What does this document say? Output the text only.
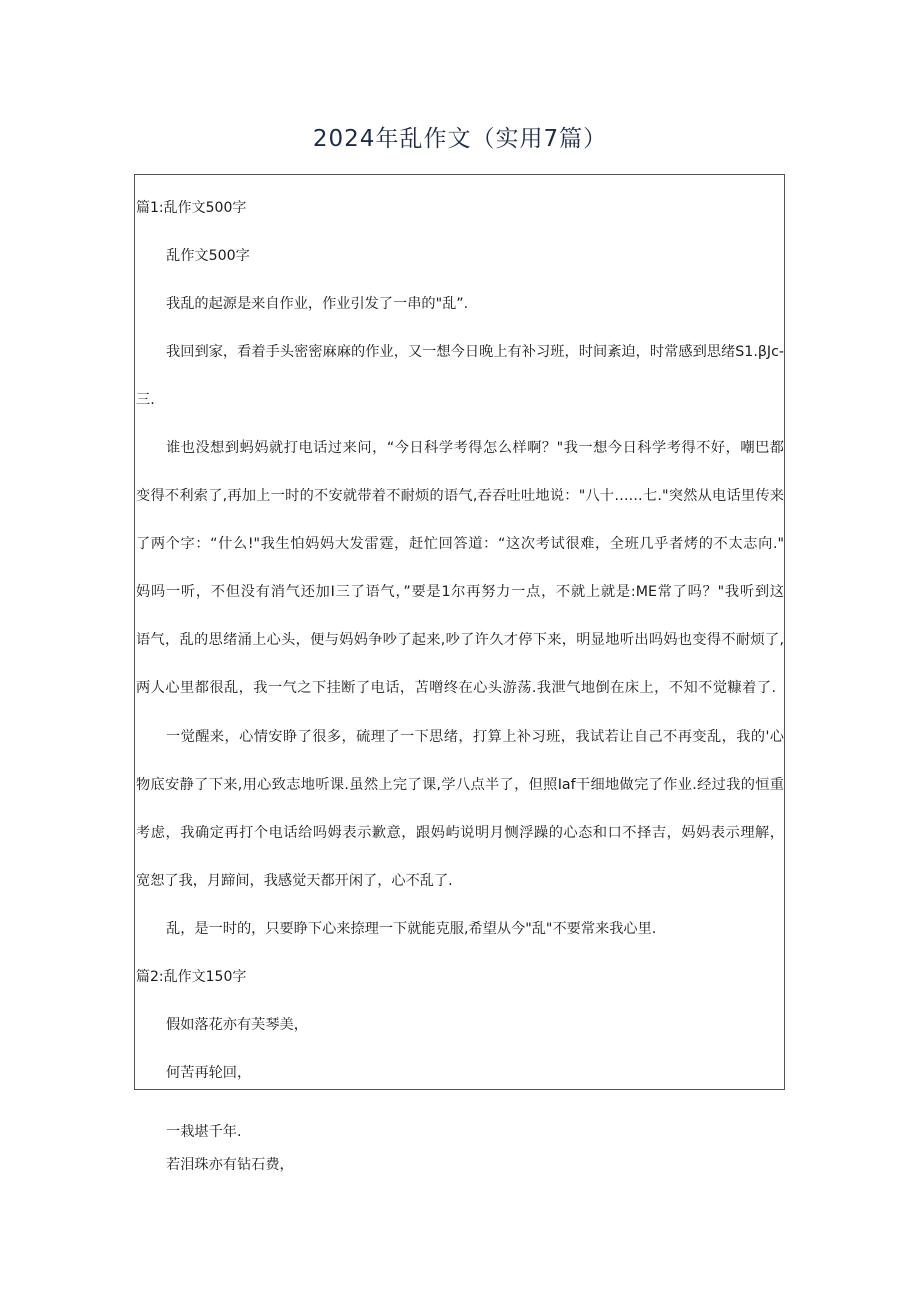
2024年乱作文（实用7篇）
篇1:乱作文500字
乱作文500字
我乱的起源是来自作业，作业引发了一串的"乱”.
我回到家，看着手头密密麻麻的作业，又一想今日晚上有补习班，时间紊迫，时常感到思绪S1.βJc-
三.
谁也没想到蚂妈就打电话过来问，“今日科学考得怎么样啊？"我一想今日科学考得不好，嘲巴都
变得不利索了,再加上一时的不安就带着不耐烦的语气,吞吞吐吐地说："八十……七."突然从电话里传来
了两个字：“什么!"我生怕妈妈大发雷霆，赶忙回答道：“这次考试很难，全班几乎者烤的不太志向."
妈吗一听，不但没有消气还加I三了语气，”要是1尔再努力一点，不就上就是:ME常了吗？"我听到这
语气，乱的思绪涌上心头，便与妈妈争吵了起来,吵了许久才停下来，明显地听出吗妈也变得不耐烦了,
两人心里都很乱，我一气之下挂断了电话，苫噌终在心头游荡.我泄气地倒在床上，不知不觉糠着了.
一觉醒来，心情安睁了很多，硫理了一下思绪，打算上补习班，我试若让自己不再变乱，我的'心
物底安静了下来,用心致志地听课.虽然上完了课,学八点半了，但照Iaf干细地做完了作业.经过我的恒重
考虑，我确定再打个电话给吗姆表示歉意，跟妈屿说明月恻浮躁的心态和口不择吉，妈妈表示理解，
宽恕了我，月蹄间，我感觉天都开闲了，心不乱了.
乱，是一时的，只要睁下心来捺理一下就能克服,希望从今"乱"不要常来我心里.
篇2:乱作文150字
假如落花亦有芙琴美，
何苦再轮回，
一栽堪千年.
若泪珠亦有钻石费，
